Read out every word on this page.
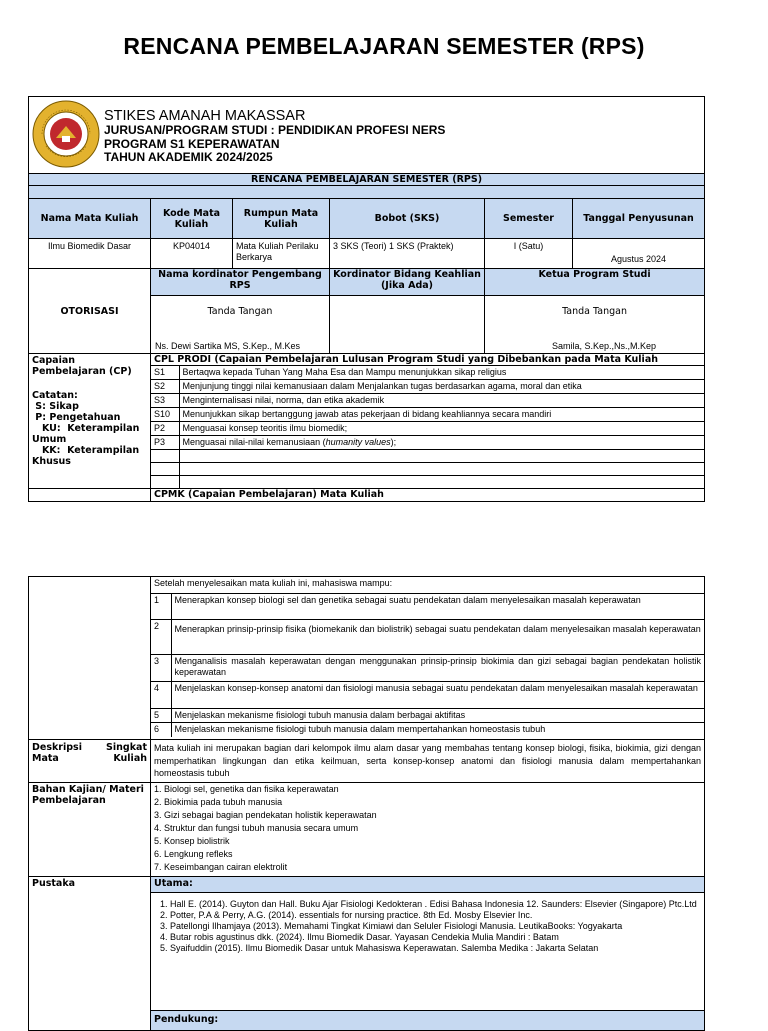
RENCANA PEMBELAJARAN SEMESTER (RPS)
STIKES AMANAH MAKASSAR
JURUSAN/PROGRAM STUDI : PENDIDIKAN PROFESI NERS
PROGRAM S1 KEPERAWATAN
TAHUN AKADEMIK 2024/2025

RENCANA PEMBELAJARAN SEMESTER (RPS)

Nama Mata Kuliah	Kode Mata Kuliah	Rumpun Mata Kuliah	Bobot (SKS)	Semester	Tanggal Penyusunan
Ilmu Biomedik Dasar	KP04014	Mata Kuliah Perilaku Berkarya	3 SKS (Teori) 1 SKS (Praktek)	I (Satu)	Agustus 2024
OTORISASI	Nama kordinator Pengembang RPS	Kordinator Bidang Keahlian (Jika Ada)	Ketua Program Studi

Tanda Tangan
Ns. Dewi Sartika MS, S.Kep., M.Kes

Tanda Tangan
Samila, S.Kep.,Ns.,M.Kep

Capaian Pembelajaran (CP)
Catatan:
S: Sikap
P: Pengetahuan
KU:  Keterampilan Umum
KK:  Keterampilan Khusus

CPL PRODI (Capaian Pembelajaran Lulusan Program Studi yang Dibebankan pada Mata Kuliah
S1	Bertaqwa kepada Tuhan Yang Maha Esa dan Mampu menunjukkan sikap religius
S2	Menjunjung tinggi nilai kemanusiaan dalam Menjalankan tugas berdasarkan agama, moral dan etika
S3	Menginternalisasi nilai, norma, dan etika akademik
S10	Menunjukkan sikap bertanggung jawab atas pekerjaan di bidang keahliannya secara mandiri
P2	Menguasai konsep teoritis ilmu biomedik;
P3	Menguasai nilai-nilai kemanusiaan (humanity values);

	CPMK (Capaian Pembelajaran) Mata Kuliah

Setelah menyelesaikan mata kuliah ini, mahasiswa mampu:
1	Menerapkan konsep biologi sel dan genetika sebagai suatu pendekatan dalam menyelesaikan masalah keperawatan
2	Menerapkan prinsip-prinsip fisika (biomekanik dan biolistrik) sebagai suatu pendekatan dalam menyelesaikan masalah keperawatan
3	Menganalisis masalah keperawatan dengan menggunakan prinsip-prinsip biokimia dan gizi sebagai bagian pendekatan holistik keperawatan
4	Menjelaskan konsep-konsep anatomi dan fisiologi manusia sebagai suatu pendekatan dalam menyelesaikan masalah keperawatan
5	Menjelaskan mekanisme fisiologi tubuh manusia dalam berbagai aktifitas
6	Menjelaskan mekanisme fisiologi tubuh manusia dalam mempertahankan homeostasis tubuh

Deskripsi Singkat Mata Kuliah	Mata kuliah ini merupakan bagian dari kelompok ilmu alam dasar yang membahas tentang konsep biologi, fisika, biokimia, gizi dengan memperhatikan lingkungan dan etika keilmuan, serta konsep-konsep anatomi dan fisiologi manusia dalam mempertahankan homeostasis tubuh
Bahan Kajian/ Materi Pembelajaran	
1. Biologi sel, genetika dan fisika keperawatan
2. Biokimia pada tubuh manusia
3. Gizi sebagai bagian pendekatan holistik keperawatan
4. Struktur dan fungsi tubuh manusia secara umum
5. Konsep biolistrik
6. Lengkung refleks
7. Keseimbangan cairan elektrolit

Pustaka	Utama:

1. Hall E. (2014). Guyton dan Hall. Buku Ajar Fisiologi Kedokteran . Edisi Bahasa Indonesia 12. Saunders: Elsevier (Singapore) Ptc.Ltd
2. Potter, P.A & Perry, A.G. (2014). essentials for nursing practice. 8th Ed. Mosby Elsevier Inc.
3. Patellongi Ilhamjaya (2013). Memahami Tingkat Kimiawi dan Seluler Fisiologi Manusia. LeutikaBooks: Yogyakarta
4. Butar robis agustinus dkk. (2024). Ilmu Biomedik Dasar. Yayasan Cendekia Mulia Mandiri : Batam
5. Syaifuddin (2015). Ilmu Biomedik Dasar untuk Mahasiswa Keperawatan. Salemba Medika : Jakarta Selatan

Pendukung:
